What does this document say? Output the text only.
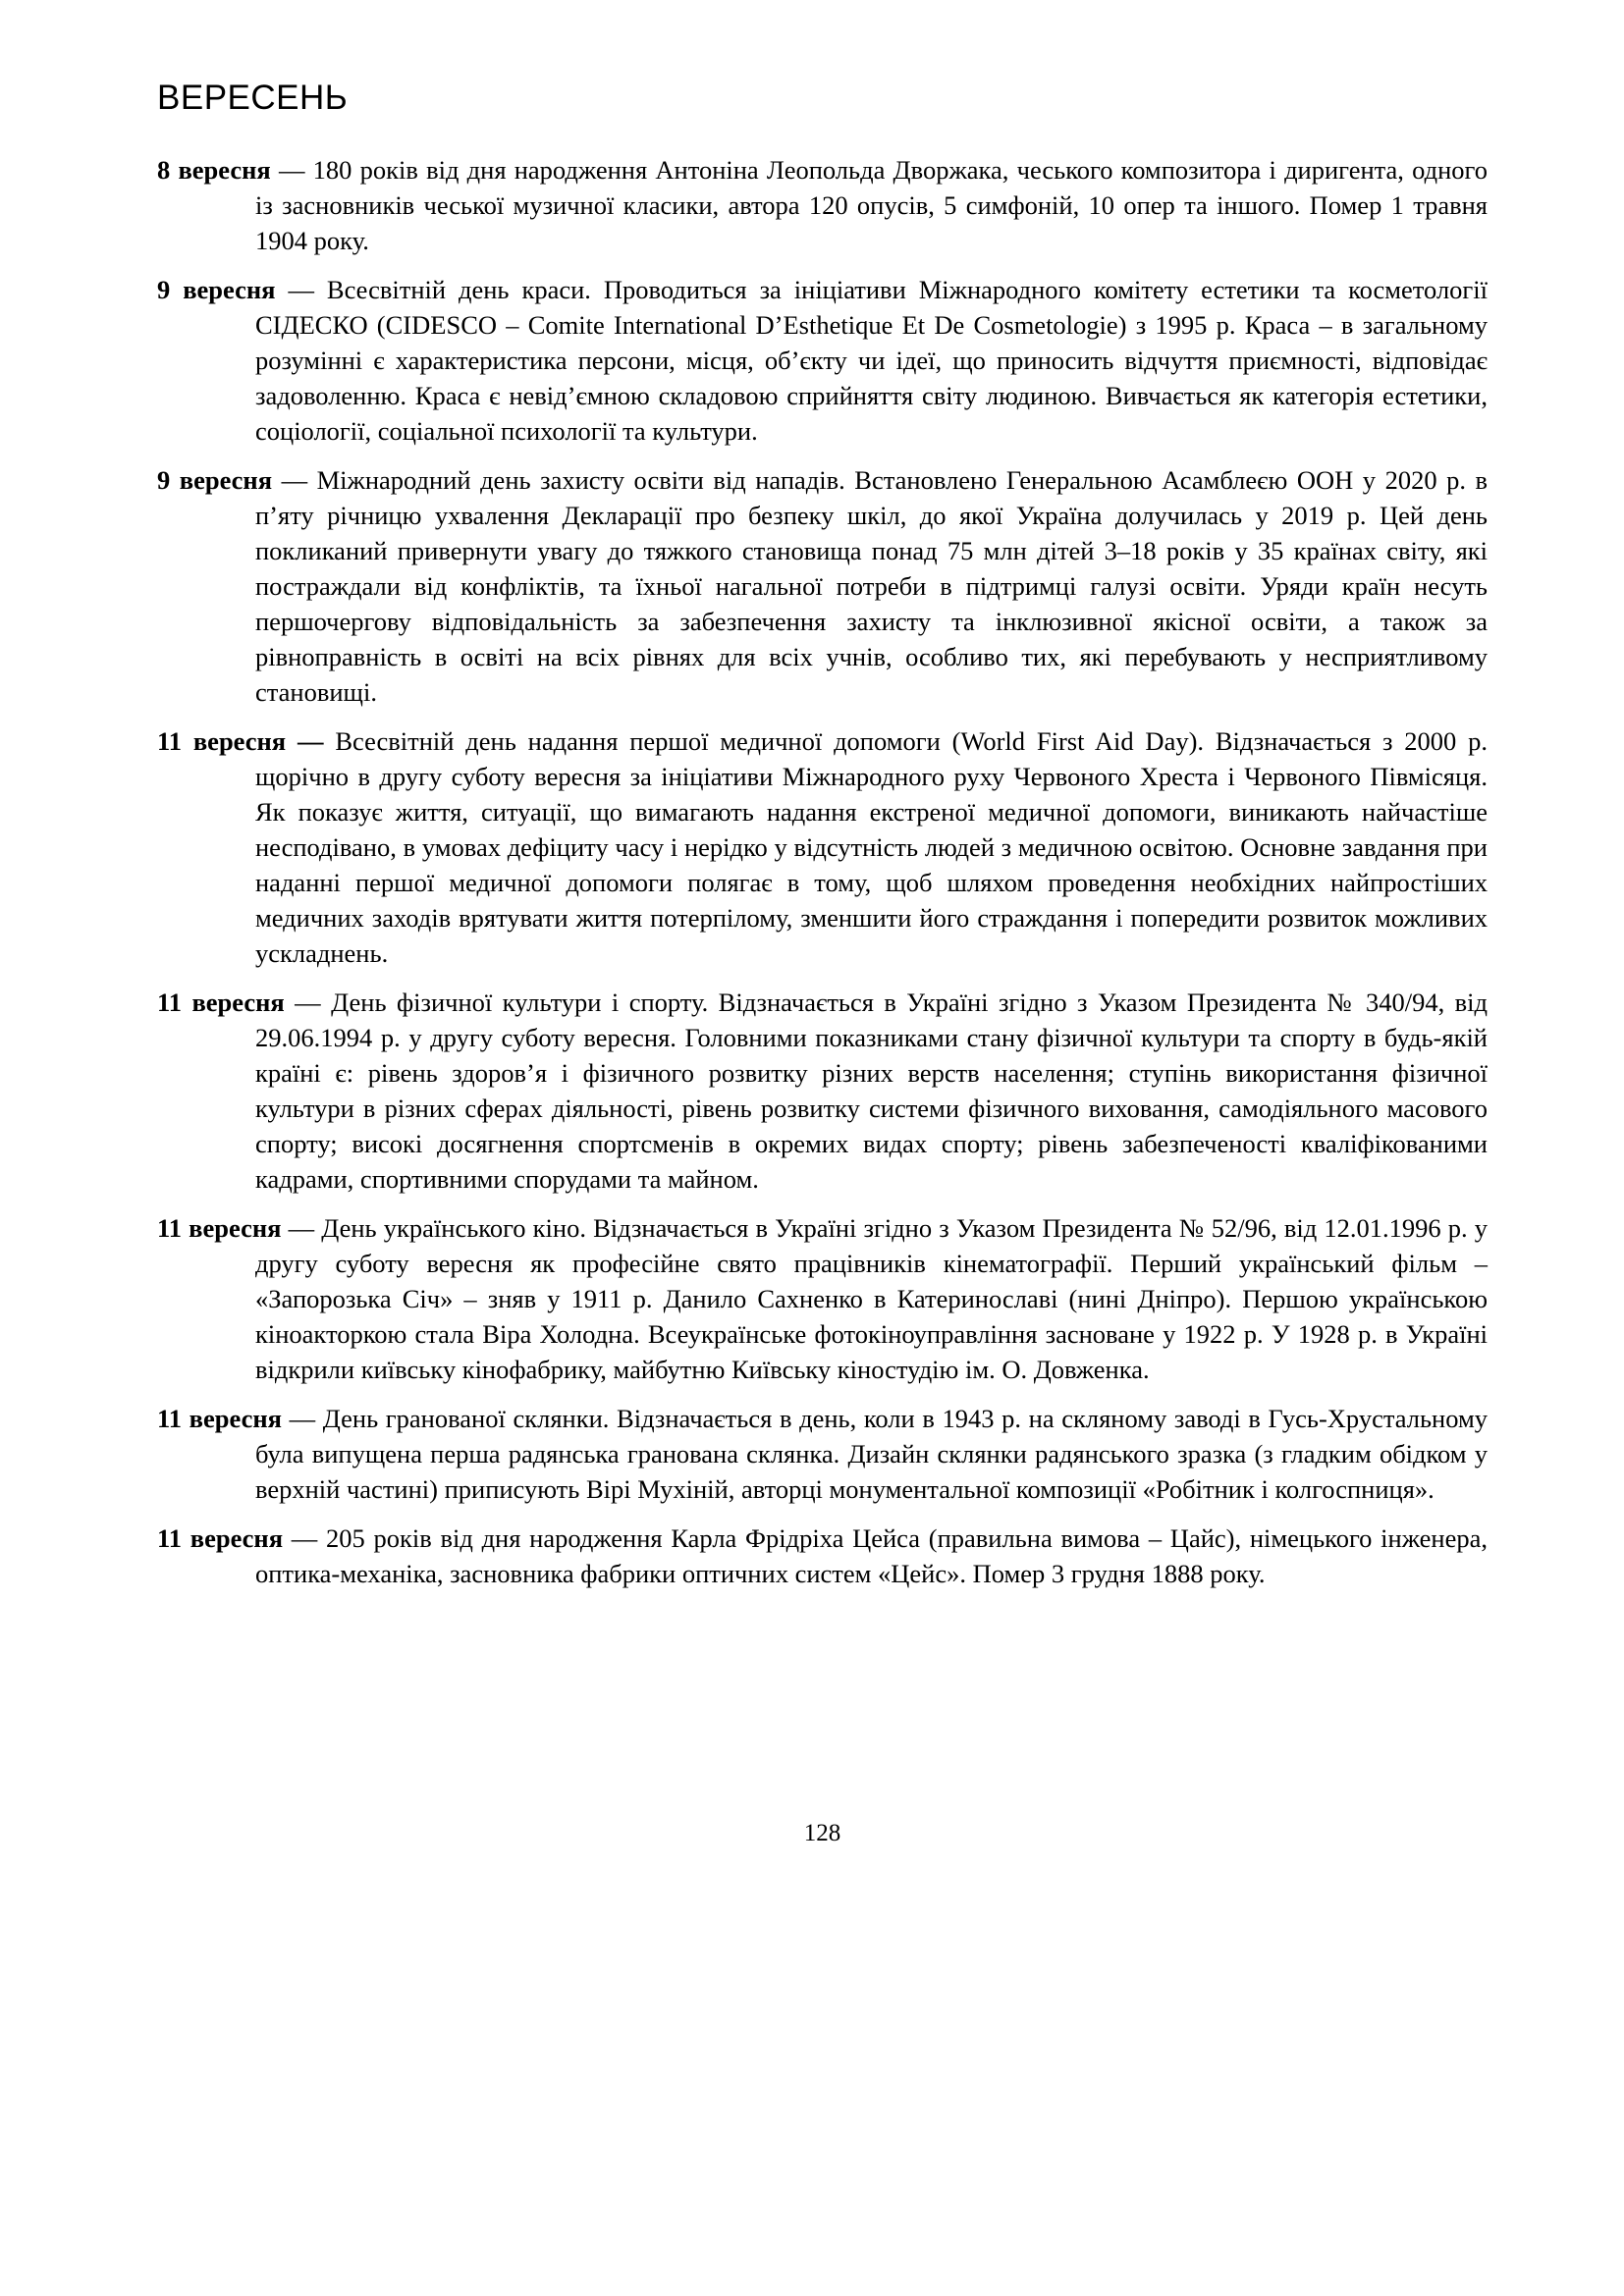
ВЕРЕСЕНЬ

8 вересня — 180 років від дня народження Антоніна Леопольда Дворжака, чеського композитора і диригента, одного із засновників чеської музичної класики, автора 120 опусів, 5 симфоній, 10 опер та іншого. Помер 1 травня 1904 року.

9 вересня — Всесвітній день краси. Проводиться за ініціативи Міжнародного комітету естетики та косметології СІДЕСКО (CIDESCO – Comite International D’Esthetique Et De Cosmetologie) з 1995 р. Краса – в загальному розумінні є характеристика персони, місця, об’єкту чи ідеї, що приносить відчуття приємності, відповідає задоволенню. Краса є невід’ємною складовою сприйняття світу людиною. Вивчається як категорія естетики, соціології, соціальної психології та культури.

9 вересня — Міжнародний день захисту освіти від нападів. Встановлено Генеральною Асамблеєю ООН у 2020 р. в п’яту річницю ухвалення Декларації про безпеку шкіл, до якої Україна долучилась у 2019 р. Цей день покликаний привернути увагу до тяжкого становища понад 75 млн дітей 3–18 років у 35 країнах світу, які постраждали від конфліктів, та їхньої нагальної потреби в підтримці галузі освіти. Уряди країн несуть першочергову відповідальність за забезпечення захисту та інклюзивної якісної освіти, а також за рівноправність в освіті на всіх рівнях для всіх учнів, особливо тих, які перебувають у несприятливому становищі.

11 вересня — Всесвітній день надання першої медичної допомоги (World First Aid Day). Відзначається з 2000 р. щорічно в другу суботу вересня за ініціативи Міжнародного руху Червоного Хреста і Червоного Півмісяця. Як показує життя, ситуації, що вимагають надання екстреної медичної допомоги, виникають найчастіше несподівано, в умовах дефіциту часу і нерідко у відсутність людей з медичною освітою. Основне завдання при наданні першої медичної допомоги полягає в тому, щоб шляхом проведення необхідних найпростіших медичних заходів врятувати життя потерпілому, зменшити його страждання і попередити розвиток можливих ускладнень.

11 вересня — День фізичної культури і спорту. Відзначається в Україні згідно з Указом Президента № 340/94, від 29.06.1994 р. у другу суботу вересня. Головними показниками стану фізичної культури та спорту в будь-якій країні є: рівень здоров’я і фізичного розвитку різних верств населення; ступінь використання фізичної культури в різних сферах діяльності, рівень розвитку системи фізичного виховання, самодіяльного масового спорту; високі досягнення спортсменів в окремих видах спорту; рівень забезпеченості кваліфікованими кадрами, спортивними спорудами та майном.

11 вересня — День українського кіно. Відзначається в Україні згідно з Указом Президента № 52/96, від 12.01.1996 р. у другу суботу вересня як професійне свято працівників кінематографії. Перший український фільм – «Запорозька Січ» – зняв у 1911 р. Данило Сахненко в Катеринославі (нині Дніпро). Першою українською кіноакторкою стала Віра Холодна. Всеукраїнське фотокіноуправління засноване у 1922 р. У 1928 р. в Україні відкрили київську кінофабрику, майбутню Київську кіностудію ім. О. Довженка.

11 вересня — День гранованої склянки. Відзначається в день, коли в 1943 р. на скляному заводі в Гусь-Хрустальному була випущена перша радянська гранована склянка. Дизайн склянки радянського зразка (з гладким обідком у верхній частині) приписують Вірі Мухіній, авторці монументальної композиції «Робітник і колгоспниця».

11 вересня — 205 років від дня народження Карла Фрідріха Цейса (правильна вимова – Цайс), німецького інженера, оптика-механіка, засновника фабрики оптичних систем «Цейс». Помер 3 грудня 1888 року.

128
